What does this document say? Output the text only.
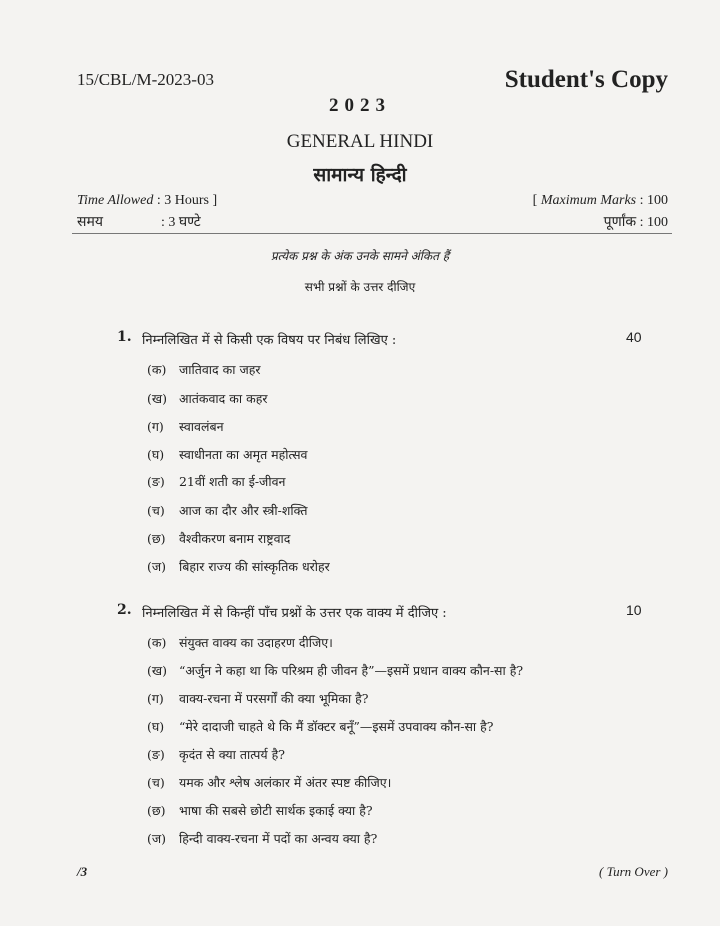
15/CBL/M-2023-03	Student's Copy
2023
GENERAL HINDI
सामान्य हिन्दी
Time Allowed : 3 Hours ]
समय	: 3 घण्टे
[ Maximum Marks : 100
पूर्णांक : 100
प्रत्येक प्रश्न के अंक उनके सामने अंकित हैं
सभी प्रश्नों के उत्तर दीजिए
1. निम्नलिखित में से किसी एक विषय पर निबंध लिखिए :	40
(क) जातिवाद का जहर
(ख) आतंकवाद का कहर
(ग) स्वावलंबन
(घ) स्वाधीनता का अमृत महोत्सव
(ङ) 21वीं शती का ई-जीवन
(च) आज का दौर और स्त्री-शक्ति
(छ) वैश्वीकरण बनाम राष्ट्रवाद
(ज) बिहार राज्य की सांस्कृतिक धरोहर
2. निम्नलिखित में से किन्हीं पाँच प्रश्नों के उत्तर एक वाक्य में दीजिए :	10
(क) संयुक्त वाक्य का उदाहरण दीजिए।
(ख) “अर्जुन ने कहा था कि परिश्रम ही जीवन है”—इसमें प्रधान वाक्य कौन-सा है?
(ग) वाक्य-रचना में परसर्गों की क्या भूमिका है?
(घ) “मेरे दादाजी चाहते थे कि मैं डॉक्टर बनूँ”—इसमें उपवाक्य कौन-सा है?
(ङ) कृदंत से क्या तात्पर्य है?
(च) यमक और श्लेष अलंकार में अंतर स्पष्ट कीजिए।
(छ) भाषा की सबसे छोटी सार्थक इकाई क्या है?
(ज) हिन्दी वाक्य-रचना में पदों का अन्वय क्या है?
/3	( Turn Over )
